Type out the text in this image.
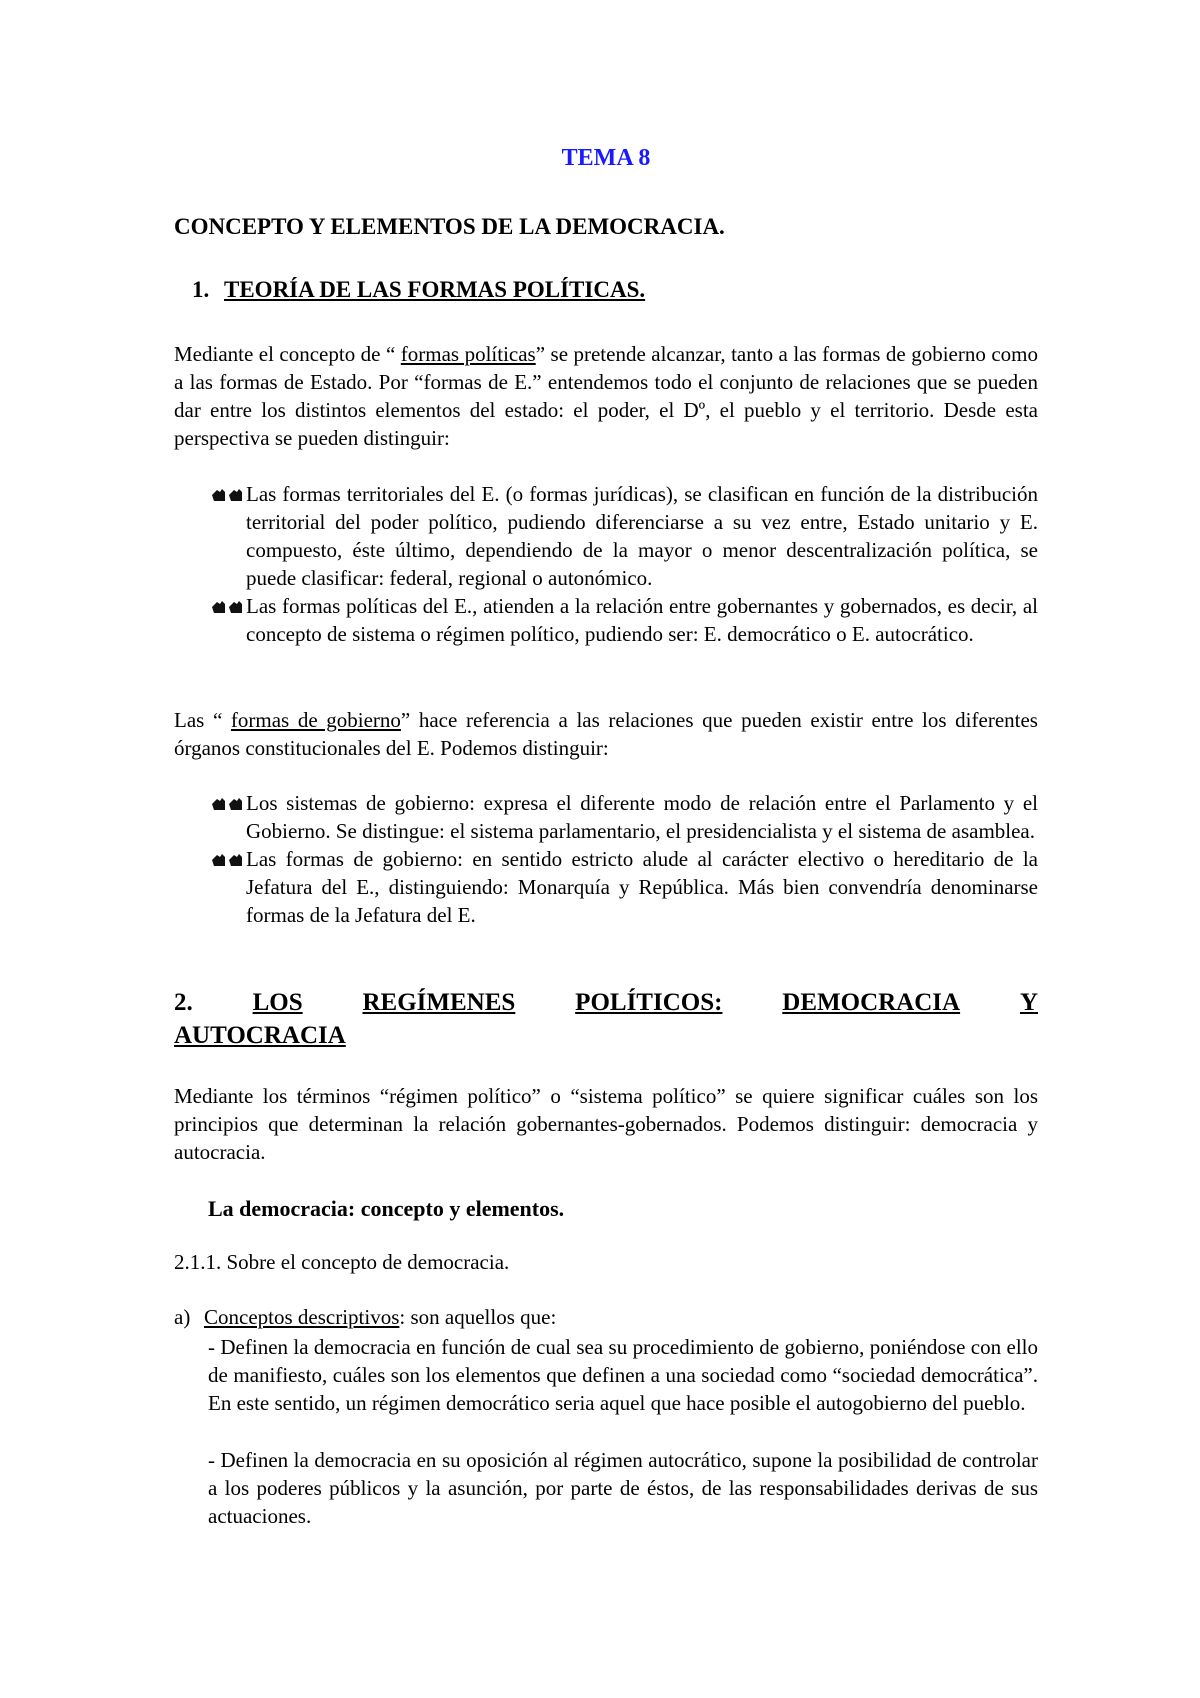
TEMA 8
CONCEPTO Y ELEMENTOS DE LA DEMOCRACIA.
1. TEORÍA DE LAS FORMAS POLÍTICAS.

Mediante el concepto de “ formas políticas” se pretende alcanzar, tanto a las formas de gobierno como a las formas de Estado. Por “formas de E.” entendemos todo el conjunto de relaciones que se pueden dar entre los distintos elementos del estado: el poder, el Dº, el pueblo y el territorio. Desde esta perspectiva se pueden distinguir:

Las formas territoriales del E. (o formas jurídicas), se clasifican en función de la distribución territorial del poder político, pudiendo diferenciarse a su vez entre, Estado unitario y E. compuesto, éste último, dependiendo de la mayor o menor descentralización política, se puede clasificar: federal, regional o autonómico.
Las formas políticas del E., atienden a la relación entre gobernantes y gobernados, es decir, al concepto de sistema o régimen político, pudiendo ser: E. democrático o E. autocrático.

Las “ formas de gobierno” hace referencia a las relaciones que pueden existir entre los diferentes órganos constitucionales del E. Podemos distinguir:

Los sistemas de gobierno: expresa el diferente modo de relación entre el Parlamento y el Gobierno. Se distingue: el sistema parlamentario, el presidencialista y el sistema de asamblea.
Las formas de gobierno: en sentido estricto alude al carácter electivo o hereditario de la Jefatura del E., distinguiendo: Monarquía y República. Más bien convendría denominarse formas de la Jefatura del E.
2. LOS REGÍMENES POLÍTICOS: DEMOCRACIA Y
AUTOCRACIA

Mediante los términos “régimen político” o “sistema político” se quiere significar cuáles son los principios que determinan la relación gobernantes-gobernados. Podemos distinguir: democracia y autocracia.

La democracia: concepto y elementos.
2.1.1. Sobre el concepto de democracia.
a) Conceptos descriptivos: son aquellos que:

- Definen la democracia en función de cual sea su procedimiento de gobierno, poniéndose con ello de manifiesto, cuáles son los elementos que definen a una sociedad como “sociedad democrática”. En este sentido, un régimen democrático seria aquel que hace posible el autogobierno del pueblo.

- Definen la democracia en su oposición al régimen autocrático, supone la posibilidad de controlar a los poderes públicos y la asunción, por parte de éstos, de las responsabilidades derivas de sus actuaciones.
